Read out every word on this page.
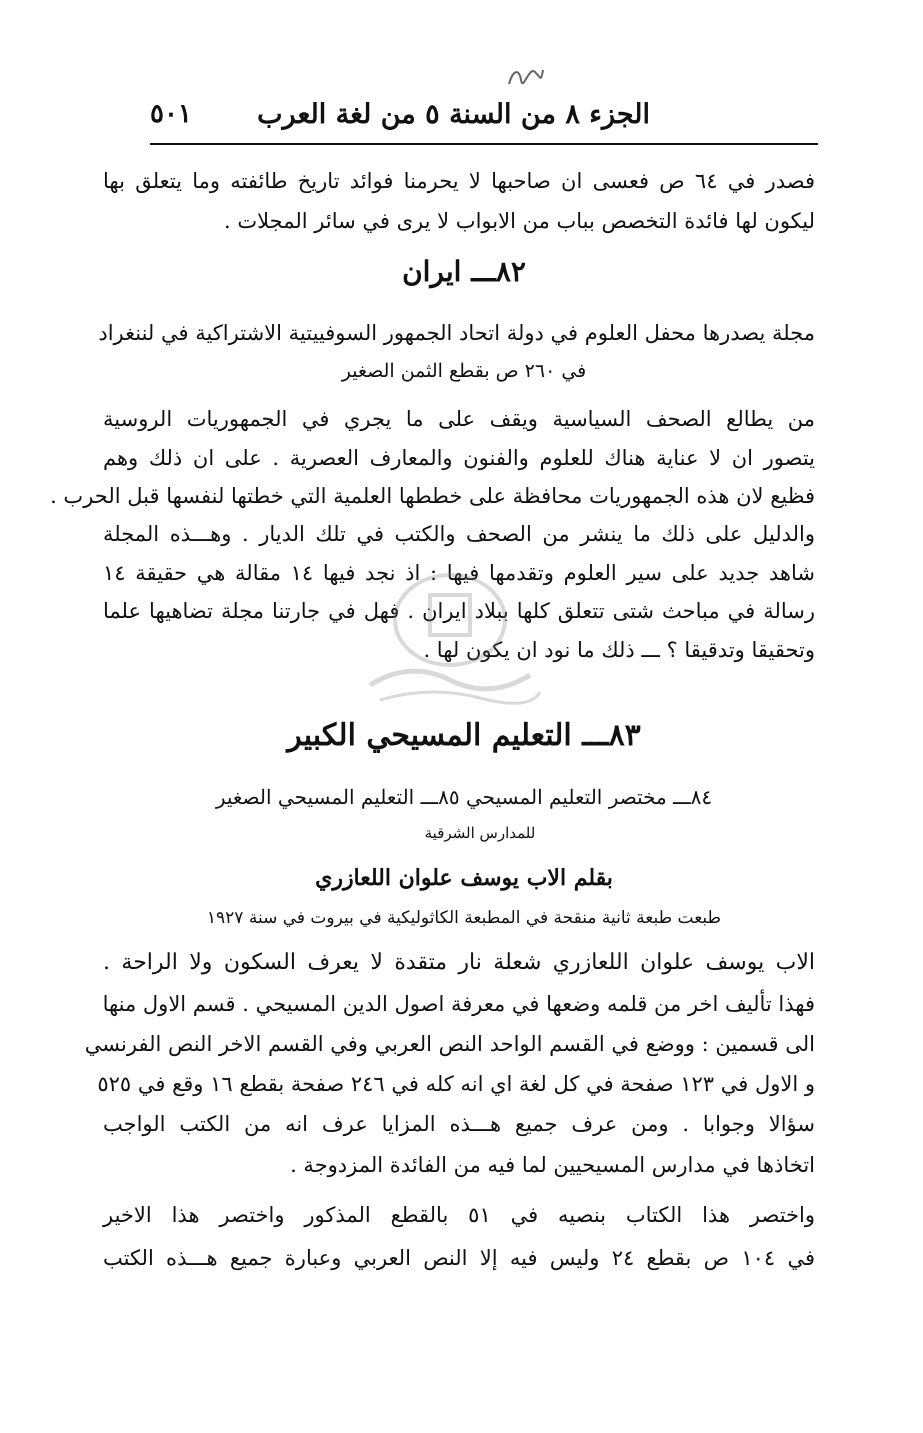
الجزء ٨ من السنة ٥ من لغة العرب
٥٠١
فصدر في ٦٤ ص فعسى ان صاحبها لا يحرمنا فوائد تاريخ طائفته وما يتعلق بها
ليكون لها فائدة التخصص بباب من الابواب لا يرى في سائر المجلات .
٨٢ـــ ايران
مجلة يصدرها محفل العلوم في دولة اتحاد الجمهور السوفييتية الاشتراكية في لننغراد
في ٢٦٠ ص بقطع الثمن الصغير
من يطالع الصحف السياسية ويقف على ما يجري في الجمهوريات الروسية
يتصور ان لا عناية هناك للعلوم والفنون والمعارف العصرية . على ان ذلك وهم
فظيع لان هذه الجمهوريات محافظة على خططها العلمية التي خطتها لنفسها قبل الحرب .
والدليل على ذلك ما ينشر من الصحف والكتب في تلك الديار . وهـــذه المجلة
شاهد جديد على سير العلوم وتقدمها فيها : اذ نجد فيها ١٤ مقالة هي حقيقة ١٤
رسالة في مباحث شتى تتعلق كلها ببلاد ايران . فهل في جارتنا مجلة تضاهيها علما
وتحقيقا وتدقيقا ؟ ـــ ذلك ما نود ان يكون لها .
٨٣ـــ التعليم المسيحي الكبير
٨٤ـــ مختصر التعليم المسيحي ٨٥ـــ التعليم المسيحي الصغير
للمدارس الشرقية
بقلم الاب يوسف علوان اللعازري
طبعت طبعة ثانية منقحة في المطبعة الكاثوليكية في بيروت في سنة ١٩٢٧
الاب يوسف علوان اللعازري شعلة نار متقدة لا يعرف السكون ولا الراحة .
فهذا تأليف اخر من قلمه وضعها في معرفة اصول الدين المسيحي . قسم الاول منها
الى قسمين : ووضع في القسم الواحد النص العربي وفي القسم الاخر النص الفرنسي
و الاول في ١٢٣ صفحة في كل لغة اي انه كله في ٢٤٦ صفحة بقطع ١٦ وقع في ٥٢٥
سؤالا وجوابا . ومن عرف جميع هـــذه المزايا عرف انه من الكتب الواجب
اتخاذها في مدارس المسيحيين لما فيه من الفائدة المزدوجة .
واختصر هذا الكتاب بنصيه في ٥١ بالقطع المذكور واختصر هذا الاخير
في ١٠٤ ص بقطع ٢٤ وليس فيه إلا النص العربي وعبارة جميع هـــذه الكتب
